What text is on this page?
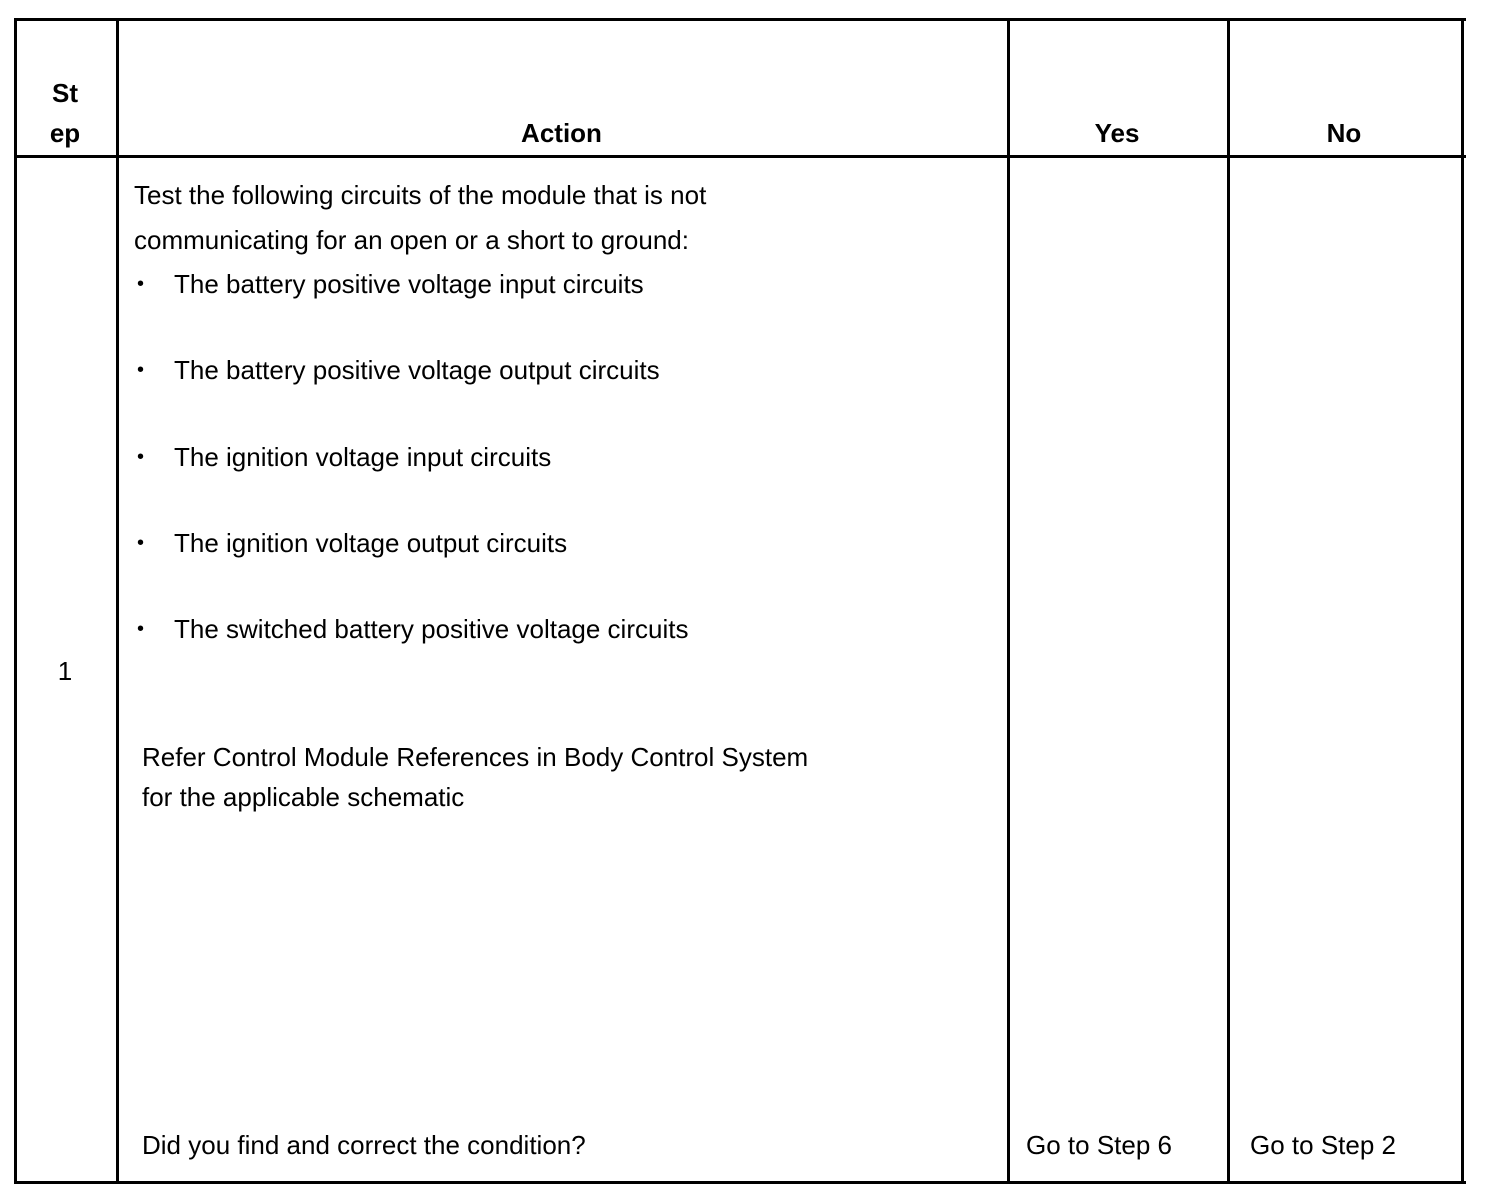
St
ep	Action	Yes	No
1
Test the following circuits of the module that is not
communicating for an open or a short to ground:
• The battery positive voltage input circuits
• The battery positive voltage output circuits
• The ignition voltage input circuits
• The ignition voltage output circuits
• The switched battery positive voltage circuits
Refer Control Module References in Body Control System
for the applicable schematic
Did you find and correct the condition?	Go to Step 6	Go to Step 2
